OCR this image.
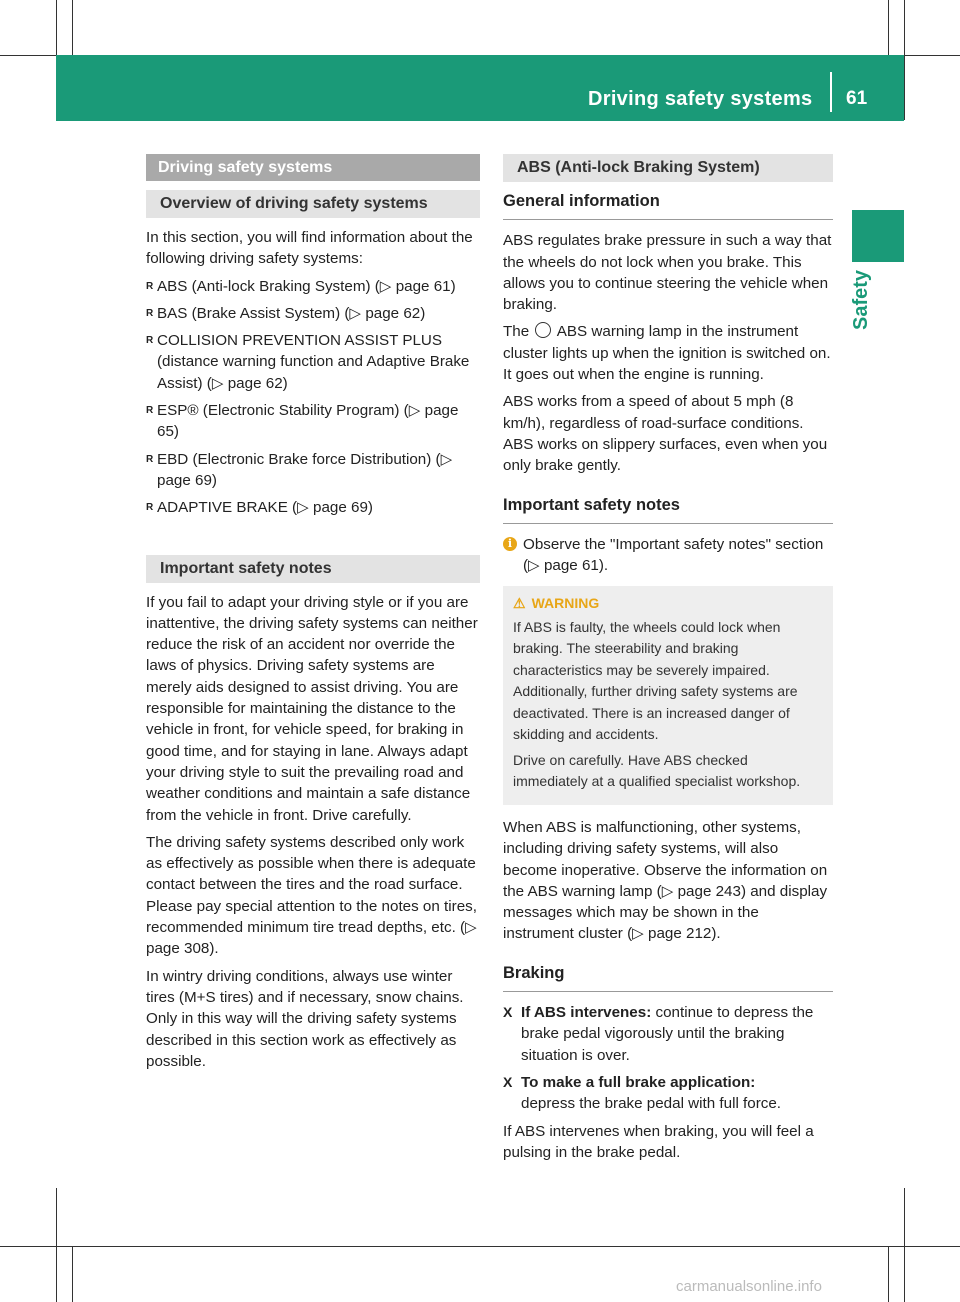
Driving safety systems 61
Safety
Driving safety systems
Overview of driving safety systems

In this section, you will find information about the following driving safety systems:

R ABS (Anti-lock Braking System) (▷ page 61)
R BAS (Brake Assist System) (▷ page 62)
R COLLISION PREVENTION ASSIST PLUS (distance warning function and Adaptive Brake Assist) (▷ page 62)
R ESP® (Electronic Stability Program) (▷ page 65)
R EBD (Electronic Brake force Distribution) (▷ page 69)
R ADAPTIVE BRAKE (▷ page 69)
Important safety notes

If you fail to adapt your driving style or if you are inattentive, the driving safety systems can neither reduce the risk of an accident nor override the laws of physics. Driving safety systems are merely aids designed to assist driving. You are responsible for maintaining the distance to the vehicle in front, for vehicle speed, for braking in good time, and for staying in lane. Always adapt your driving style to suit the prevailing road and weather conditions and maintain a safe distance from the vehicle in front. Drive carefully.

The driving safety systems described only work as effectively as possible when there is adequate contact between the tires and the road surface. Please pay special attention to the notes on tires, recommended minimum tire tread depths, etc. (▷ page 308).

In wintry driving conditions, always use winter tires (M+S tires) and if necessary, snow chains. Only in this way will the driving safety systems described in this section work as effectively as possible.

ABS (Anti-lock Braking System)
General information

ABS regulates brake pressure in such a way that the wheels do not lock when you brake. This allows you to continue steering the vehicle when braking.

The ABS warning lamp in the instrument cluster lights up when the ignition is switched on. It goes out when the engine is running.

ABS works from a speed of about 5 mph (8 km/h), regardless of road-surface conditions. ABS works on slippery surfaces, even when you only brake gently.

Important safety notes
i Observe the "Important safety notes" section (▷ page 61).
⚠ WARNING

If ABS is faulty, the wheels could lock when braking. The steerability and braking characteristics may be severely impaired. Additionally, further driving safety systems are deactivated. There is an increased danger of skidding and accidents.

Drive on carefully. Have ABS checked immediately at a qualified specialist workshop.

When ABS is malfunctioning, other systems, including driving safety systems, will also become inoperative. Observe the information on the ABS warning lamp (▷ page 243) and display messages which may be shown in the instrument cluster (▷ page 212).

Braking
X If ABS intervenes: continue to depress the brake pedal vigorously until the braking situation is over.
X To make a full brake application:
depress the brake pedal with full force.

If ABS intervenes when braking, you will feel a pulsing in the brake pedal.

carmanualsonline.info
